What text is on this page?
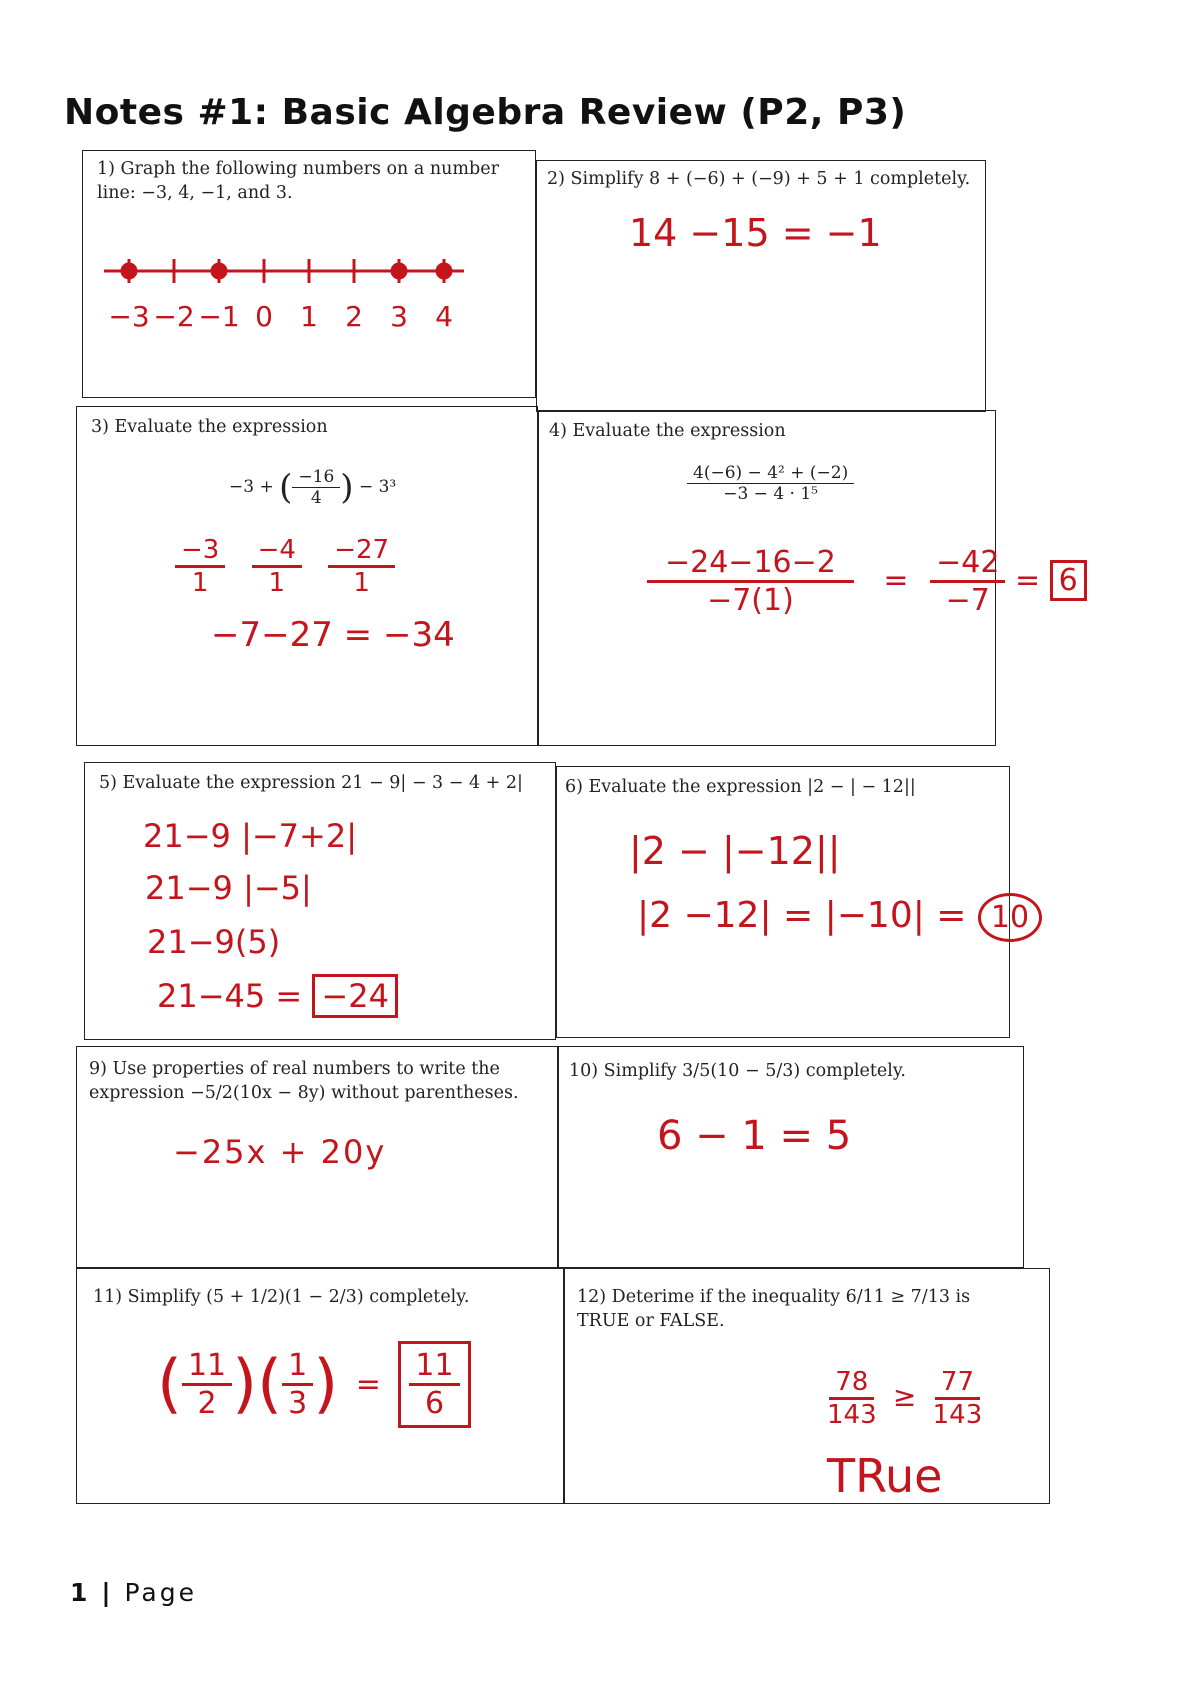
Notes #1: Basic Algebra Review (P2, P3)
1) Graph the following numbers on a number line: −3, 4, −1, and 3.
−3 −2 −1 0 1 2 3 4
2) Simplify 8 + (−6) + (−9) + 5 + 1 completely.
14 −15 = −1
3) Evaluate the expression
−3 + ( $\frac{-16}{4}$ ) − 3³
$\frac{-3}{1}$
$\frac{-4}{1}$
$\frac{-27}{1}$
−7−27 = −34
4) Evaluate the expression
$\frac{\text{4(−6) − 4² + (−2)}}{\text{−3 − 4 · 1⁵}}$
$\frac{-24-16-2}{-7(1)} = \frac{-42}{-7} = 6$
5) Evaluate the expression 21 − 9| − 3 − 4 + 2|
21−9 |−7+2|
21−9 |−5|
21−9(5)
21−45 = −24
6) Evaluate the expression |2 − | − 12||
|2 − |−12||
|2 −12| = |−10| = 10
9) Use properties of real numbers to write the expression −5/2(10x − 8y) without parentheses.
−25x + 20y
10) Simplify 3/5(10 − 5/3) completely.
6 − 1 = 5
11) Simplify (5 + 1/2)(1 − 2/3) completely.
( $\frac{11}{2}$ )( $\frac{1}{3}$ ) = $\frac{11}{6}$
12) Deterime if the inequality 6/11 ≥ 7/13 is TRUE or FALSE.
$\frac{78}{143} \ge \frac{77}{143}$
TRue
1 | Page
